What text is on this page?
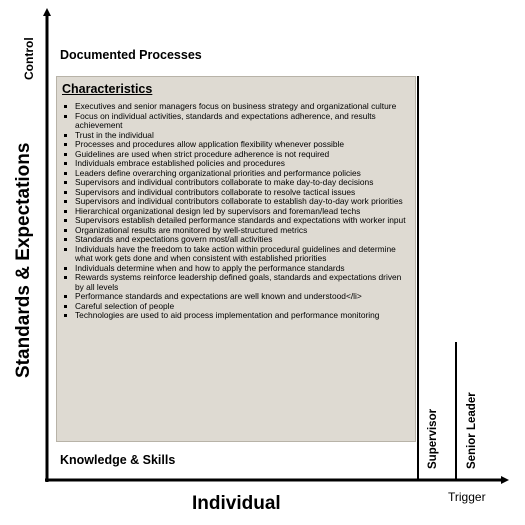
Control
Standards & Expectations
Documented Processes
Characteristics
Executives and senior managers focus on business strategy and organizational culture
Focus on individual activities, standards and expectations adherence, and results achievement
Trust in the individual
Processes and procedures allow application flexibility whenever possible
Guidelines are used when strict procedure adherence is not required
Individuals embrace established policies and procedures
Leaders define overarching organizational priorities and performance policies
Supervisors and individual contributors collaborate to make day-to-day decisions
Supervisors and individual contributors collaborate to resolve tactical issues
Supervisors and individual contributors collaborate to establish day-to-day work priorities
Hierarchical organizational design led by supervisors and foreman/lead techs
Supervisors establish detailed performance standards and expectations with worker input
Organizational results are monitored by well-structured metrics
Standards and expectations govern most/all activities
Individuals have the freedom to take action within procedural guidelines and determine what work gets done and when consistent with established priorities
Individuals determine when and how to apply the performance standards
Rewards systems reinforce leadership defined goals, standards and expectations driven by all levels
Performance standards and expectations are well known and understood</li>
Careful selection of people
Technologies are used to aid process implementation and performance monitoring
Knowledge & Skills	Supervisor Senior Leader
Individual	Trigger
